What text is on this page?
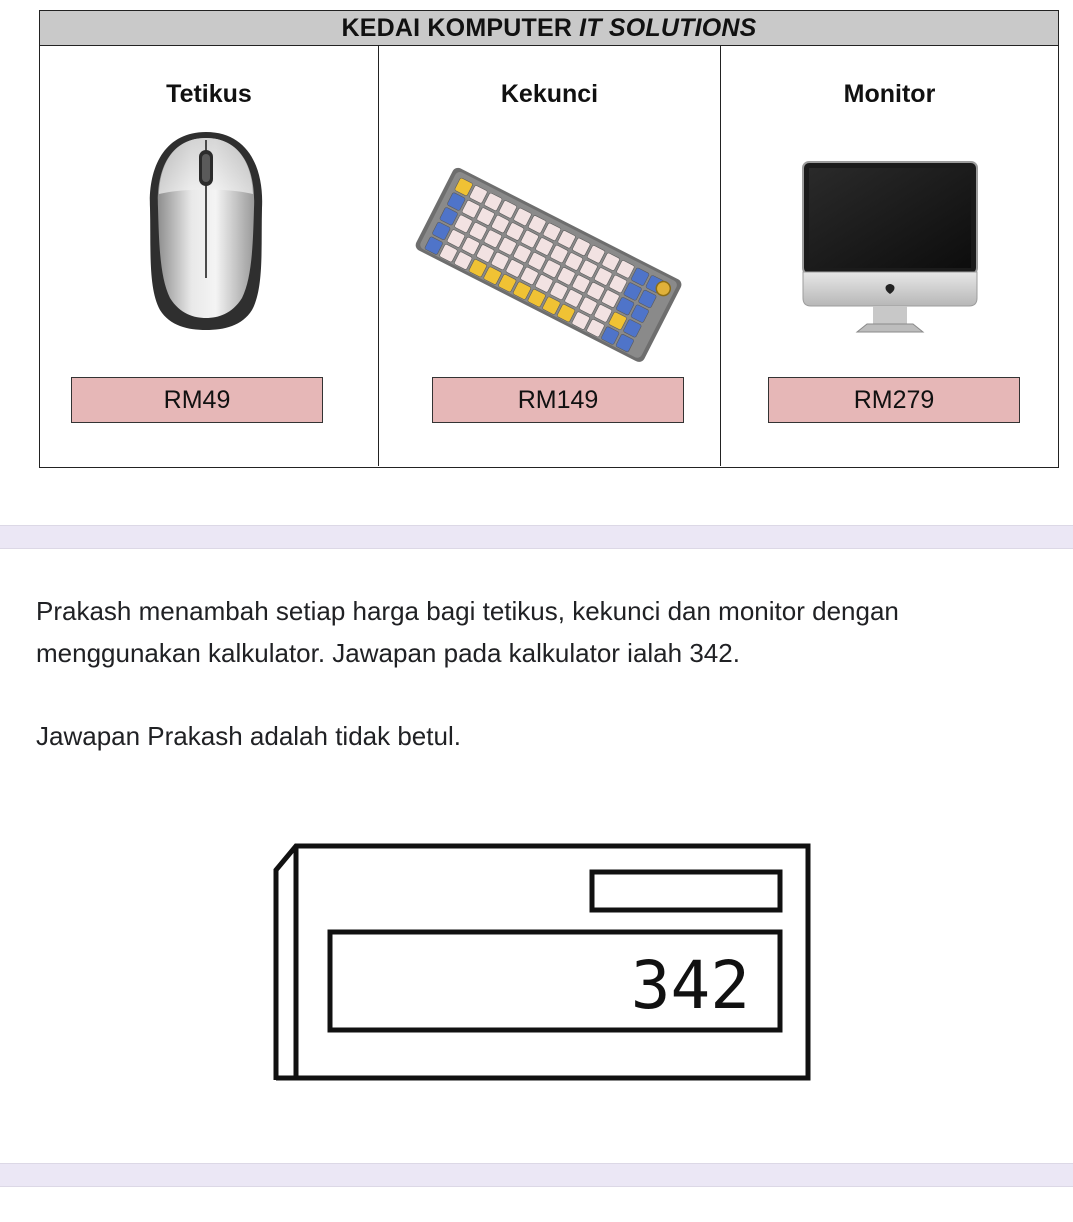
KEDAI KOMPUTER IT SOLUTIONS
Tetikus
RM49
Kekunci
RM149
Monitor
RM279

Prakash menambah setiap harga bagi tetikus, kekunci dan monitor dengan menggunakan kalkulator. Jawapan pada kalkulator ialah 342.

Jawapan Prakash adalah tidak betul.

342
